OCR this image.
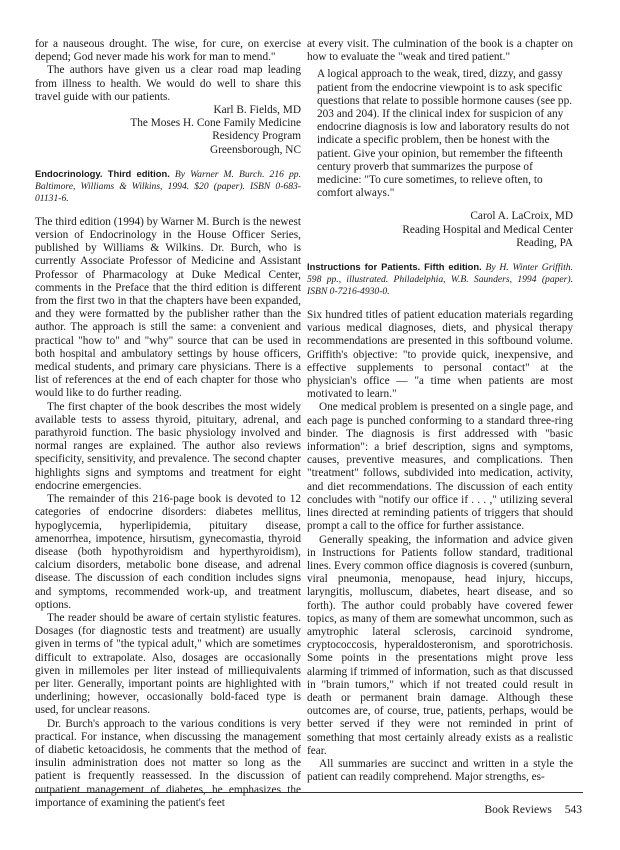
for a nauseous drought. The wise, for cure, on exercise depend; God never made his work for man to mend."

The authors have given us a clear road map leading from illness to health. We would do well to share this travel guide with our patients.

Karl B. Fields, MD

The Moses H. Cone Family Medicine

Residency Program

Greensborough, NC

Endocrinology. Third edition. By Warner M. Burch. 216 pp. Baltimore, Williams & Wilkins, 1994. $20 (paper). ISBN 0-683-01131-6.

The third edition (1994) by Warner M. Burch is the newest version of Endocrinology in the House Officer Series, published by Williams & Wilkins. Dr. Burch, who is currently Associate Professor of Medicine and Assistant Professor of Pharmacology at Duke Medical Center, comments in the Preface that the third edition is different from the first two in that the chapters have been expanded, and they were formatted by the publisher rather than the author. The approach is still the same: a convenient and practical "how to" and "why" source that can be used in both hospital and ambulatory settings by house officers, medical students, and primary care physicians. There is a list of references at the end of each chapter for those who would like to do further reading.

The first chapter of the book describes the most widely available tests to assess thyroid, pituitary, adrenal, and parathyroid function. The basic physiology involved and normal ranges are explained. The author also reviews specificity, sensitivity, and prevalence. The second chapter highlights signs and symptoms and treatment for eight endocrine emergencies.

The remainder of this 216-page book is devoted to 12 categories of endocrine disorders: diabetes mellitus, hypoglycemia, hyperlipidemia, pituitary disease, amenorrhea, impotence, hirsutism, gynecomastia, thyroid disease (both hypothyroidism and hyperthyroidism), calcium disorders, metabolic bone disease, and adrenal disease. The discussion of each condition includes signs and symptoms, recommended work-up, and treatment options.

The reader should be aware of certain stylistic features. Dosages (for diagnostic tests and treatment) are usually given in terms of "the typical adult," which are sometimes difficult to extrapolate. Also, dosages are occasionally given in millemoles per liter instead of milliequivalents per liter. Generally, important points are highlighted with underlining; however, occasionally bold-faced type is used, for unclear reasons.

Dr. Burch's approach to the various conditions is very practical. For instance, when discussing the management of diabetic ketoacidosis, he comments that the method of insulin administration does not matter so long as the patient is frequently reassessed. In the discussion of outpatient management of diabetes, he emphasizes the importance of examining the patient's feet

at every visit. The culmination of the book is a chapter on how to evaluate the "weak and tired patient."

A logical approach to the weak, tired, dizzy, and gassy patient from the endocrine viewpoint is to ask specific questions that relate to possible hormone causes (see pp. 203 and 204). If the clinical index for suspicion of any endocrine diagnosis is low and laboratory results do not indicate a specific problem, then be honest with the patient. Give your opinion, but remember the fifteenth century proverb that summarizes the purpose of medicine: "To cure sometimes, to relieve often, to comfort always."

Carol A. LaCroix, MD

Reading Hospital and Medical Center

Reading, PA

Instructions for Patients. Fifth edition. By H. Winter Griffith. 598 pp., illustrated. Philadelphia, W.B. Saunders, 1994 (paper). ISBN 0-7216-4930-0.

Six hundred titles of patient education materials regarding various medical diagnoses, diets, and physical therapy recommendations are presented in this softbound volume. Griffith's objective: "to provide quick, inexpensive, and effective supplements to personal contact" at the physician's office — "a time when patients are most motivated to learn."

One medical problem is presented on a single page, and each page is punched conforming to a standard three-ring binder. The diagnosis is first addressed with "basic information": a brief description, signs and symptoms, causes, preventive measures, and complications. Then "treatment" follows, subdivided into medication, activity, and diet recommendations. The discussion of each entity concludes with "notify our office if . . . ," utilizing several lines directed at reminding patients of triggers that should prompt a call to the office for further assistance.

Generally speaking, the information and advice given in Instructions for Patients follow standard, traditional lines. Every common office diagnosis is covered (sunburn, viral pneumonia, menopause, head injury, hiccups, laryngitis, molluscum, diabetes, heart disease, and so forth). The author could probably have covered fewer topics, as many of them are somewhat uncommon, such as amytrophic lateral sclerosis, carcinoid syndrome, cryptococcosis, hyperaldosteronism, and sporotrichosis. Some points in the presentations might prove less alarming if trimmed of information, such as that discussed in "brain tumors," which if not treated could result in death or permanent brain damage. Although these outcomes are, of course, true, patients, perhaps, would be better served if they were not reminded in print of something that most certainly already exists as a realistic fear.

All summaries are succinct and written in a style the patient can readily comprehend. Major strengths, es-

Book Reviews 543
